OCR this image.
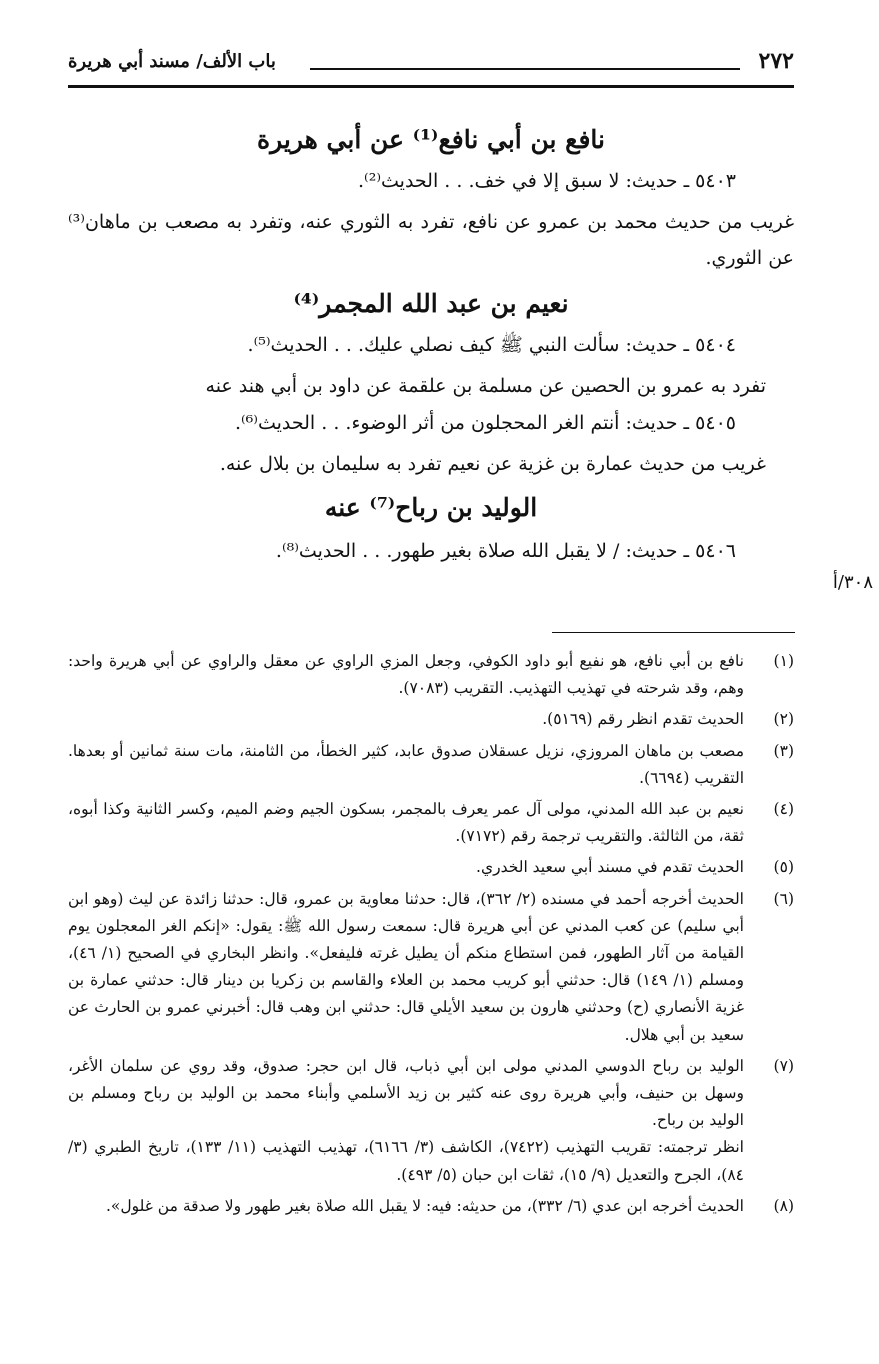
٢٧٢
باب الألف/ مسند أبي هريرة

نافع بن أبي نافع⁽¹⁾ عن أبي هريرة

٥٤٠٣ ـ حديث: لا سبق إلا في خف. . . الحديث⁽²⁾.

غريب من حديث محمد بن عمرو عن نافع، تفرد به الثوري عنه، وتفرد به مصعب بن ماهان⁽³⁾ عن الثوري.

نعيم بن عبد الله المجمر⁽⁴⁾

٥٤٠٤ ـ حديث: سألت النبي ﷺ كيف نصلي عليك. . . الحديث⁽⁵⁾.

تفرد به عمرو بن الحصين عن مسلمة بن علقمة عن داود بن أبي هند عنه

٥٤٠٥ ـ حديث: أنتم الغر المحجلون من أثر الوضوء. . . الحديث⁽⁶⁾.

غريب من حديث عمارة بن غزية عن نعيم تفرد به سليمان بن بلال عنه.

الوليد بن رباح⁽⁷⁾ عنه

٥٤٠٦ ـ حديث: / لا يقبل الله صلاة بغير طهور. . . الحديث⁽⁸⁾.

٣٠٨/أ
(١)
نافع بن أبي نافع، هو نفيع أبو داود الكوفي، وجعل المزي الراوي عن معقل والراوي عن أبي هريرة واحد: وهم، وقد شرحته في تهذيب التهذيب. التقريب (٧٠٨٣).
(٢)
الحديث تقدم انظر رقم (٥١٦٩).
(٣)
مصعب بن ماهان المروزي، نزيل عسقلان صدوق عابد، كثير الخطأ، من الثامنة، مات سنة ثمانين أو بعدها. التقريب (٦٦٩٤).
(٤)
نعيم بن عبد الله المدني، مولى آل عمر يعرف بالمجمر، بسكون الجيم وضم الميم، وكسر الثانية وكذا أبوه، ثقة، من الثالثة. والتقريب ترجمة رقم (٧١٧٢).
(٥)
الحديث تقدم في مسند أبي سعيد الخدري.
(٦)
الحديث أخرجه أحمد في مسنده (٢/ ٣٦٢)، قال: حدثنا معاوية بن عمرو، قال: حدثنا زائدة عن ليث (وهو ابن أبي سليم) عن كعب المدني عن أبي هريرة قال: سمعت رسول الله ﷺ: يقول: «إنكم الغر المعجلون يوم القيامة من آثار الطهور، فمن استطاع منكم أن يطيل غرته فليفعل». وانظر البخاري في الصحيح (١/ ٤٦)، ومسلم (١/ ١٤٩) قال: حدثني أبو كريب محمد بن العلاء والقاسم بن زكريا بن دينار قال: حدثني عمارة بن غزية الأنصاري (ح) وحدثني هارون بن سعيد الأيلي قال: حدثني ابن وهب قال: أخبرني عمرو بن الحارث عن سعيد بن أبي هلال.
(٧)
الوليد بن رباح الدوسي المدني مولى ابن أبي ذباب، قال ابن حجر: صدوق، وقد روي عن سلمان الأغر، وسهل بن حنيف، وأبي هريرة روى عنه كثير بن زيد الأسلمي وأبناء محمد بن الوليد بن رباح ومسلم بن الوليد بن رباح.
انظر ترجمته: تقريب التهذيب (٧٤٢٢)، الكاشف (٣/ ٦١٦٦)، تهذيب التهذيب (١١/ ١٣٣)، تاريخ الطبري (٣/ ٨٤)، الجرح والتعديل (٩/ ١٥)، ثقات ابن حبان (٥/ ٤٩٣).
(٨)
الحديث أخرجه ابن عدي (٦/ ٣٣٢)، من حديثه: فيه: لا يقبل الله صلاة بغير طهور ولا صدقة من غلول».
